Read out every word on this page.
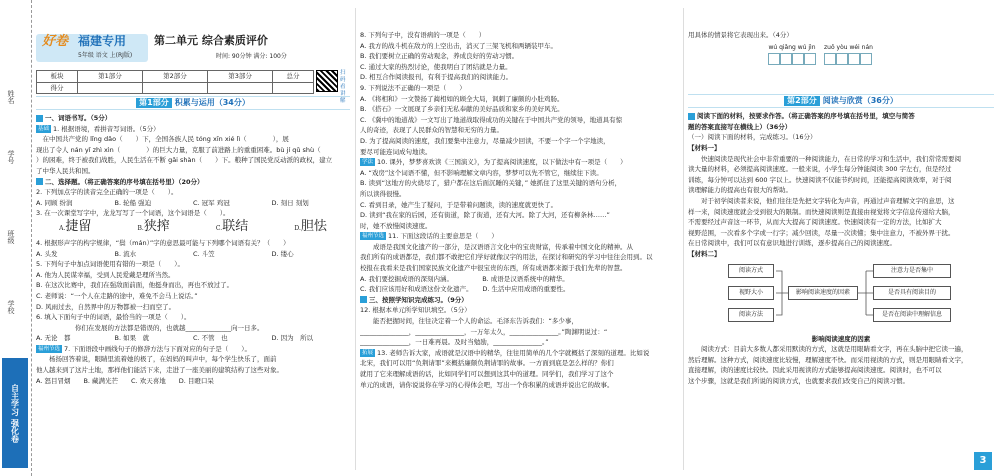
姓名
学号
班级
学校
自主学习 强化卷
好卷 福建专用
5年级 语文 上(RJ版)
第二单元 综合素质评价
时间: 90分钟 满分: 100分
板块	第1部分	第2部分	第3部分	总分
得分				
扫码看讲解
第1部分 积累与运用（34分）
一、词语书写。（5分）
基础 1. 根据语境，看拼音写词语。（5分）
　在中国共产党的 lǐng dǎo（　　）下，全国各族人民 tóng xīn xié lì（　　　　），展
现出了令人 nán yǐ zhì xìn（　　　　）的巨大力量，克服了前进路上的重重困难。bù jí qǔ shù（
）的困难，终于被我们战胜，人民生活在不断 gǎi shàn（　　）下。粮种了国民党反动派的政权，建立
了中华人民共和国。
二、选择题。（将正确答案的序号填在括号里）（20分）
2. 下列加点字的读音完全正确的一项是（　　）。
A. 同顾 纷润	B. 轮船 强迫	C. 冠军 鸡冠	D. 刻日 刻划
3. 在一次课堂写字中，龙龙写写了一个词语，这个词语是（　　）。
A.捷留	B.狭搾	C.联结	D.胆怯
4. 根据形声字的构字规律，“鬓（mán）”字的意思最可能与下列哪个词语有关？（　　）
A. 头发	B. 流水	C. 斗笠	D. 缕心
5. 下列句子中加点词语使用有错的一项是（　　）。
A. 他为人民谋幸福，受到人民爱戴是理所当然。
B. 在这次比赛中，我们在强敌面前面，他挺身而出，再也不放过了。
C. 老师说：“一个人在走路的途中，难免不会马上说话。”
D. 风雨过去，自然界中的万物都被一扫而空了。
6. 填入下面句子中的词语，最恰当的一项是（　　）。
　　　　　　你们在发展的方法都是错误的，也就越______________向一日多。
A. 无论　都	B. 如果　就	C. 不管　也	D. 因为　所以
福州节选 7. 下面语段中画线句子的修辞方法与下面对应的句子是（　　）。
　　杨扬回答着说，眼睛里流着她的极了，在妈妈的叫声中，每个学生快乐了，面前
他人越来到了这片土地，那样他们能活下来，走进了一座美丽的建筑结构了这些对象。
A. 怒目冒烟　　B. 藏满光芒　　C. 欢天喜地　　D. 目瞪口呆
8. 下列句子中，没有语病的一项是（　　）
A. 我方的战斗机在敌方的上空出击，消灭了三架飞机和两辆装甲车。
B. 我们要树立正确的劳动观念，养成良好的劳动习惯。
C. 通过大家的热烈讨论，使我明白了团结就是力量。
D. 相互合作阅读报刊，有利于提高我们的阅读能力。
9. 下列说法不正确的一项是（　　）
A. 《将相和》一文赞扬了蔺相如的顾全大局，讽刺了廉颇的小肚鸡肠。
B. 《搭石》一文展现了乡亲们无私奉献的美好品质和家乡的美好风光。
C. 《冀中的地道战》一文写出了地道战取得成功的关键在于中国共产党的领导，地道具有惊
人的奇迹，表现了人民群众的智慧和无穷的力量。
D. 为了提高阅读的速度，我们要集中注意力，尽量减少回读，不要一个字一个字地读，
要尽可能连词成句地读。
学法 10. 课外，梦梦喜欢读《三国演义》，为了提高阅读速度，以下做法中有一项是（　　）
A. “戏房”这个词语不懂，但不影响理解文章内容，梦梦可以先不管它，继续往下读。
B. 读到“这地方的火烧尽了，猎户都在这后面沉睡的关键，” 她抓住了这里关键的语句分析，
所以读得很慢。
C. 看到目录，她产生了疑问，于是带着问题读，读的速度就更快了。
D. 读到“我在家的后园，还有街道，除了街道，还有大河。除了大河，还有柳条林……”
时，她不放慢阅读速度。
福州节选 11. 下面这段话的主要意思是（　　）
　　成语是我国文化遗产的一部分，是汉语语言文化中的宝贵财富，传承着中国文化的精神。从
我们所有的成语都是，我们都不敢把它们学好就像汉字的用法，在探讨和研究的学习中往往会用到。以
校报在我看来是我们国家民族文化遗产中很宝贵的东西，所有成语都来源于我们先辈的智慧。
A. 我们要挖掘成语的深刻内涵。　　　　　B. 成语是汉语系统中的精华。
C. 我们应该用好和成语这份文化遗产。　　D. 生活中应用成语的重要性。
三、按照学知识完成练习。（9分）
12. 根据本单元所学知识填空。（5分）
　　能否把握时间，往往决定着一个人的命运。毛泽东告诉我们：“多少事，
_______________，_______________，一万年太久，_______________。”陶渊明说过：“
_______________，一日难再晨。及时当勉励，_______________。”
拓展 13. 老师告诉大家，成语就是汉语中的精华，往往用简单的几个字就概括了深刻的道理。比如说
北宋，我们可以用“负荆请罪”来概括廉颇负荆请罪的故事。一方面到底是怎么样的？你们
就用了它来理解成语的话，比如同学们可以想到这其中的道理。同学们，我们学习了这个
单元的成语，请你说说你在学习的心得体会吧，写出一个你积累的成语并说出它的故事。
用具体的情景将它表现出来。（4分）
wú qiǎng wú jìn zuǒ yòu wéi nán
第2部分 阅读与欣赏（36分）
阅读下面的材料，按要求作答。（将正确答案的序号填在括号里，填空与简答
题的答案直接写在横线上）（36分）
（一）阅读下面的材料，完成练习。（16分）
【材料一】
　　快速阅读是现代社会中非常重要的一种阅读能力，在日常的学习和生活中，我们常常需要阅
读大量的材料，必须提高阅读速度。一般来说，小学生每分钟能阅读 300 字左右，但是经过
训练，每分钟可以达到 600 字以上。快速阅读不仅能节约时间，还能提高阅读效率，对于阅
读理解能力的提高也有很大的帮助。
　　对于初学阅读者来说，他们往往是先把文字转化为声音，再通过声音理解文字的意思，这
样一来，阅读速度就会受到很大的限制。而快速阅读则是直接由视觉将文字信息传递给大脑，
不需要经过声音这一环节，从而大大提高了阅读速度。快速阅读有一定的方法，比如扩大
视野范围，一次看多个字或一行字；减少回读，尽量一次读懂；集中注意力，不被外界干扰。
在日常阅读中，我们可以有意识地进行训练，逐步提高自己的阅读速度。
【材料二】
阅读方式
视野大小
阅读方法
影响阅读速度的因素
注意力是否集中
是否具有阅读目的
是否在阅读中理解信息
影响阅读速度的因素
　　阅读方式：目前大多数人都采用默读的方式，这就是用眼睛看文字，再在头脑中把它读一遍，
然后理解。这种方式，阅读速度比较慢，理解速度不快。而采用视读的方式，则是用眼睛看文字，
直接理解，读的速度比较快。因此采用视读的方式能够提高阅读速度。阅读时，也不可以
这个步骤，这就是我们所说的阅读方式，也就要求我们改变自己的阅读习惯。
3
